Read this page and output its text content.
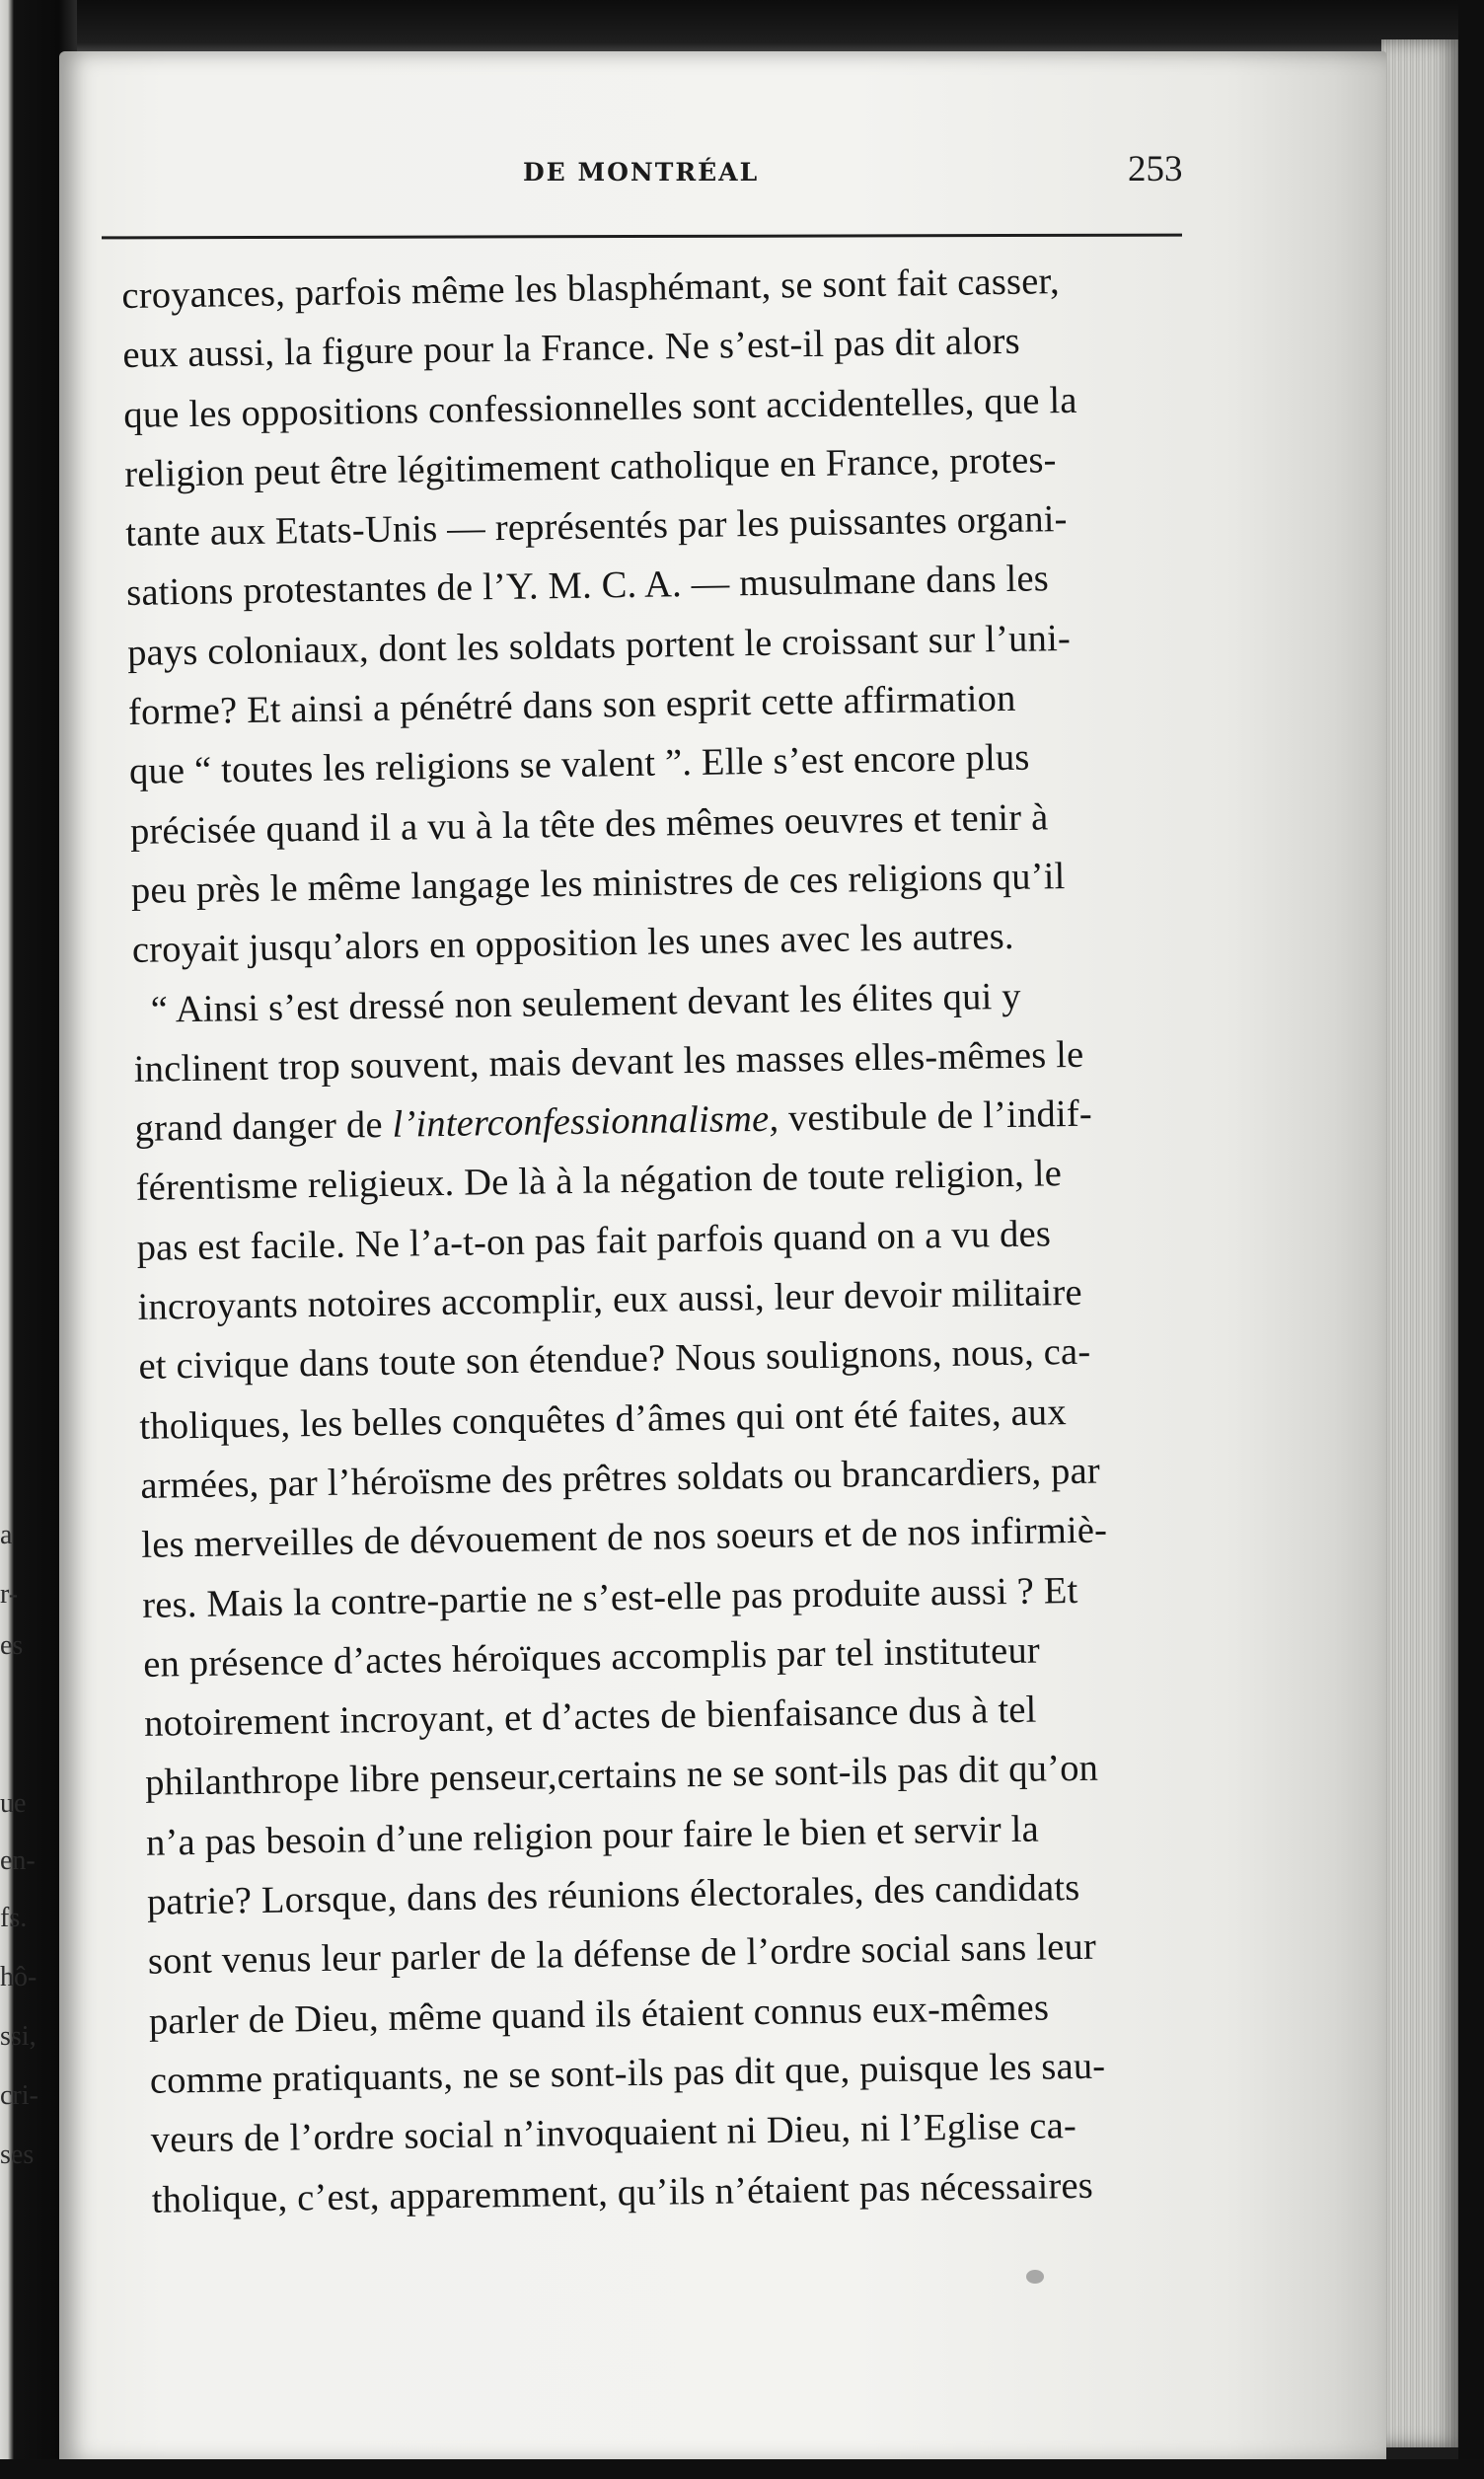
a
r-
es
ue
en-
fs.
hô-
ssi,
cri-
ses
DE MONTRÉAL	253
croyances, parfois même les blasphémant, se sont fait casser,
eux aussi, la figure pour la France. Ne s’est-il pas dit alors
que les oppositions confessionnelles sont accidentelles, que la
religion peut être légitimement catholique en France, protes-
tante aux Etats-Unis — représentés par les puissantes organi-
sations protestantes de l’Y. M. C. A. — musulmane dans les
pays coloniaux, dont les soldats portent le croissant sur l’uni-
forme? Et ainsi a pénétré dans son esprit cette affirmation
que “ toutes les religions se valent ”. Elle s’est encore plus
précisée quand il a vu à la tête des mêmes oeuvres et tenir à
peu près le même langage les ministres de ces religions qu’il
croyait jusqu’alors en opposition les unes avec les autres.
“ Ainsi s’est dressé non seulement devant les élites qui y
inclinent trop souvent, mais devant les masses elles-mêmes le
grand danger de l’interconfessionnalisme, vestibule de l’indif-
férentisme religieux. De là à la négation de toute religion, le
pas est facile. Ne l’a-t-on pas fait parfois quand on a vu des
incroyants notoires accomplir, eux aussi, leur devoir militaire
et civique dans toute son étendue? Nous soulignons, nous, ca-
tholiques, les belles conquêtes d’âmes qui ont été faites, aux
armées, par l’héroïsme des prêtres soldats ou brancardiers, par
les merveilles de dévouement de nos soeurs et de nos infirmiè-
res. Mais la contre-partie ne s’est-elle pas produite aussi ? Et
en présence d’actes héroïques accomplis par tel instituteur
notoirement incroyant, et d’actes de bienfaisance dus à tel
philanthrope libre penseur,certains ne se sont-ils pas dit qu’on
n’a pas besoin d’une religion pour faire le bien et servir la
patrie? Lorsque, dans des réunions électorales, des candidats
sont venus leur parler de la défense de l’ordre social sans leur
parler de Dieu, même quand ils étaient connus eux-mêmes
comme pratiquants, ne se sont-ils pas dit que, puisque les sau-
veurs de l’ordre social n’invoquaient ni Dieu, ni l’Eglise ca-
tholique, c’est, apparemment, qu’ils n’étaient pas nécessaires
